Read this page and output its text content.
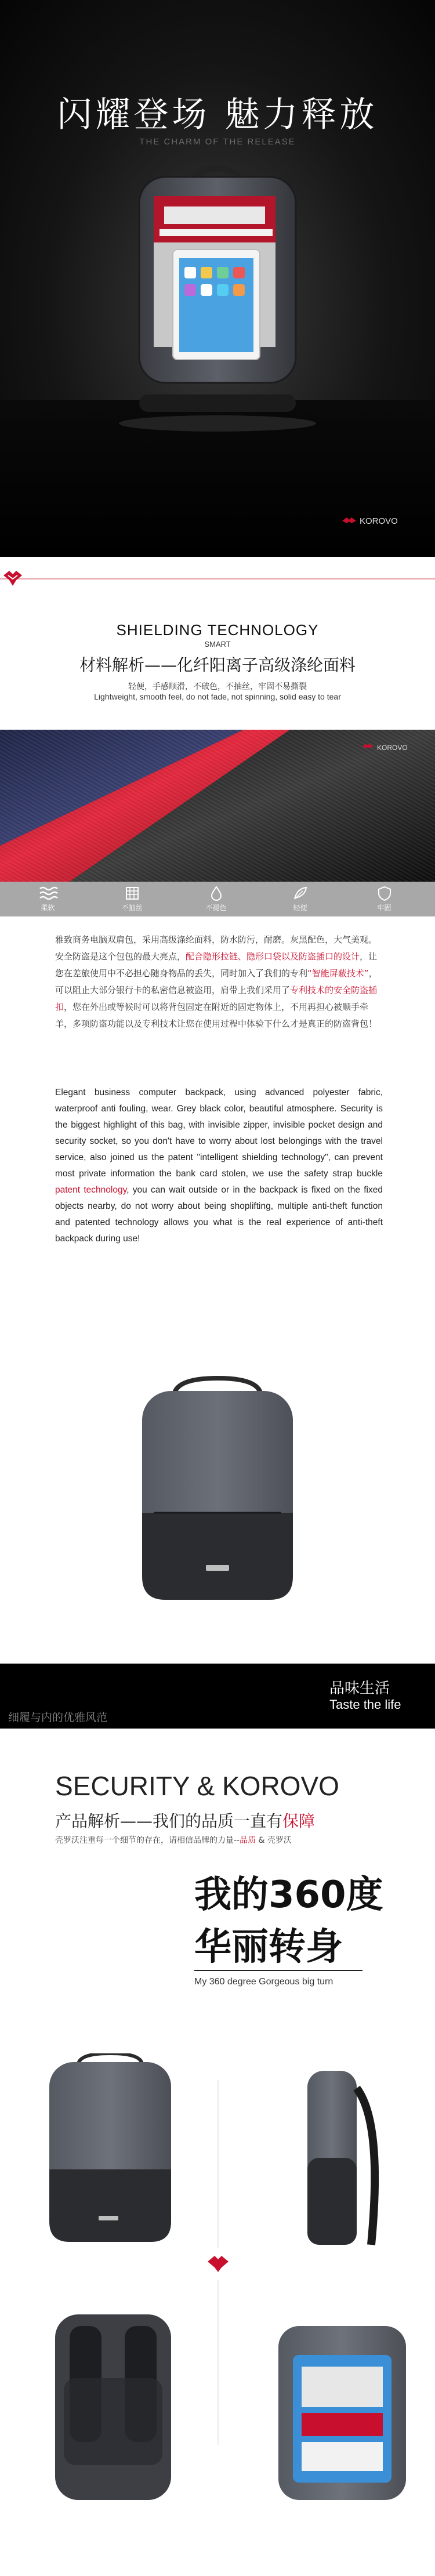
闪耀登场 魅力释放
THE CHARM OF THE RELEASE
KOROVO
SHIELDING TECHNOLOGY
SMART
材料解析——化纤阳离子高级涤纶面料
轻便，手感顺滑，不破色，不抽丝，牢固不易撕裂
Lightweight, smooth feel, do not fade, not spinning, solid easy to tear
KOROVO
柔软	不抽丝	不褪色	轻便	牢固
雅致商务电脑双肩包，采用高级涤纶面料，防水防污，耐磨。灰黑配色，大气美观。安全防盗是这个包包的最大亮点，配合隐形拉链、隐形口袋以及防盗插口的设计，让您在差旅使用中不必担心随身物品的丢失，同时加入了我们的专利“智能屏蔽技术”，可以阻止大部分银行卡的私密信息被盗用，肩带上我们采用了专利技术的安全防盗插扣，您在外出或等候时可以将背包固定在附近的固定物体上，不用再担心被顺手牵羊，多项防盗功能以及专利技术让您在使用过程中体验下什么才是真正的防盗背包！
Elegant business computer backpack, using advanced polyester fabric, waterproof anti fouling, wear. Grey black color, beautiful atmosphere. Security is the biggest highlight of this bag, with invisible zipper, invisible pocket design and security socket, so you don't have to worry about lost belongings with the travel service, also joined us the patent "intelligent shielding technology", can prevent most private information the bank card stolen, we use the safety strap buckle patent technology, you can wait outside or in the backpack is fixed on the fixed objects nearby, do not worry about being shoplifting, multiple anti-theft function and patented technology allows you what is the real experience of anti-theft backpack during use!
品味生活
Taste the life
细履与内的优雅风范
SECURITY & KOROVO
产品解析——我们的品质一直有保障
壳罗沃注重每一个细节的存在，请相信品牌的力量--品质 & 壳罗沃
我的360度
华丽转身
My 360 degree Gorgeous big turn
